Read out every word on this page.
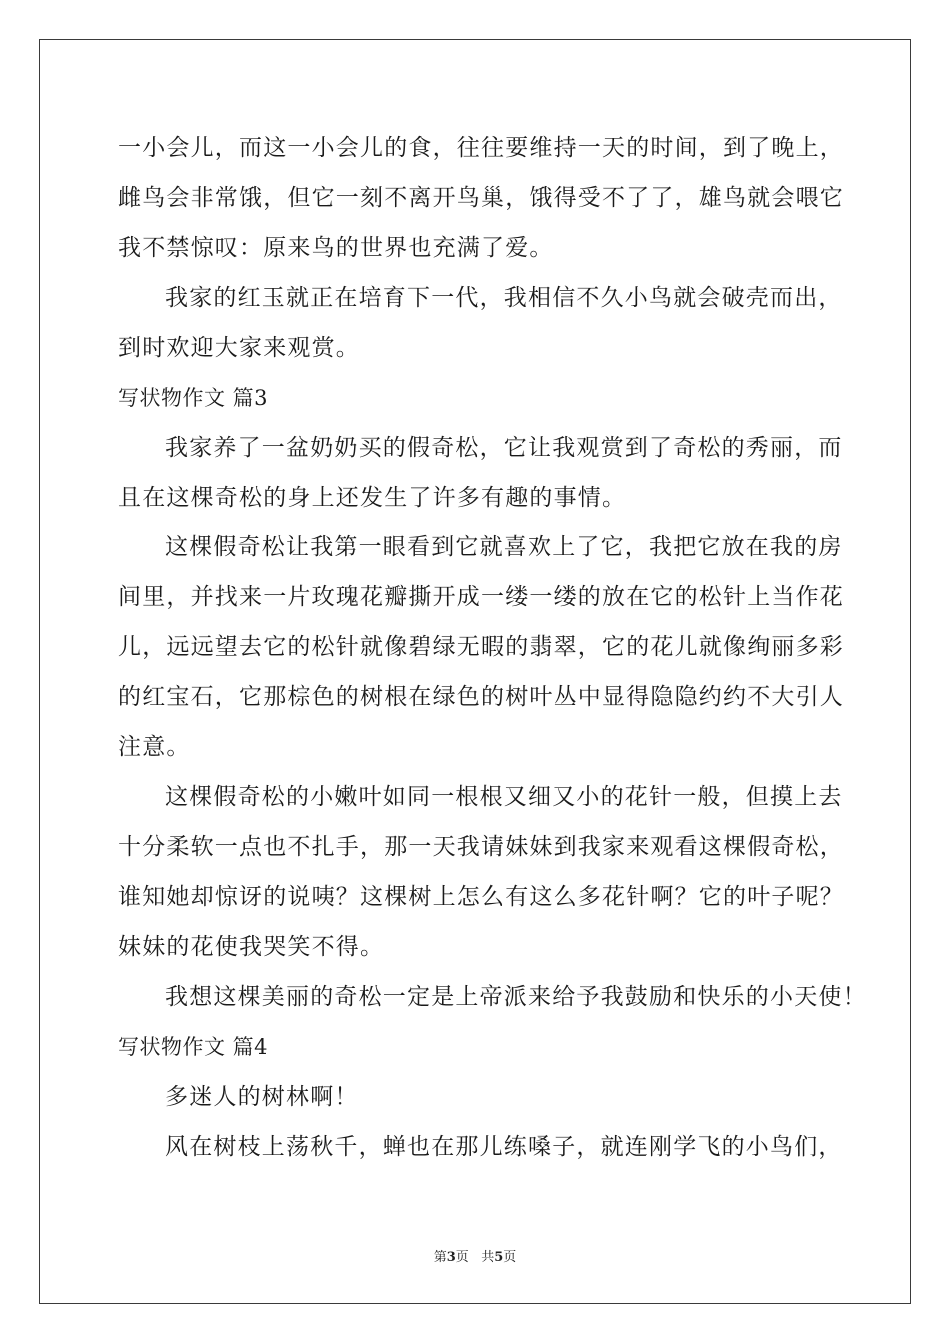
一小会儿，而这一小会儿的食，往往要维持一天的时间，到了晚上，
雌鸟会非常饿，但它一刻不离开鸟巢，饿得受不了了，雄鸟就会喂它
我不禁惊叹：原来鸟的世界也充满了爱。
我家的红玉就正在培育下一代，我相信不久小鸟就会破壳而出，
到时欢迎大家来观赏。
写状物作文 篇3
我家养了一盆奶奶买的假奇松，它让我观赏到了奇松的秀丽，而
且在这棵奇松的身上还发生了许多有趣的事情。
这棵假奇松让我第一眼看到它就喜欢上了它，我把它放在我的房
间里，并找来一片玫瑰花瓣撕开成一缕一缕的放在它的松针上当作花
儿，远远望去它的松针就像碧绿无暇的翡翠，它的花儿就像绚丽多彩
的红宝石，它那棕色的树根在绿色的树叶丛中显得隐隐约约不大引人
注意。
这棵假奇松的小嫩叶如同一根根又细又小的花针一般，但摸上去
十分柔软一点也不扎手，那一天我请妹妹到我家来观看这棵假奇松，
谁知她却惊讶的说咦？这棵树上怎么有这么多花针啊？它的叶子呢？
妹妹的花使我哭笑不得。
我想这棵美丽的奇松一定是上帝派来给予我鼓励和快乐的小天使！
写状物作文 篇4
多迷人的树林啊！
风在树枝上荡秋千，蝉也在那儿练嗓子，就连刚学飞的小鸟们，
第3页 共5页
